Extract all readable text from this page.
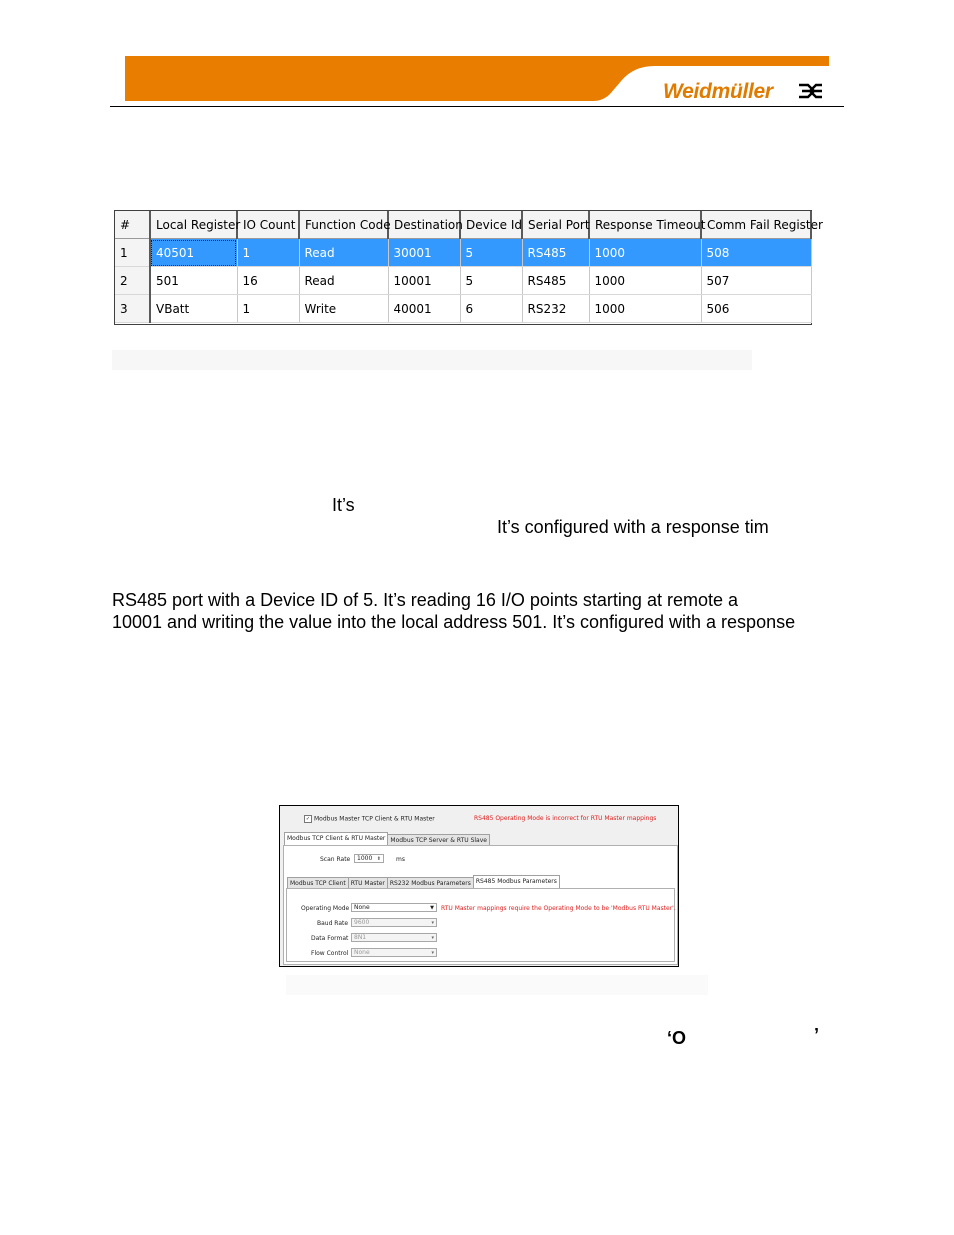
Weidmüller
#	Local Register	IO Count	Function Code	Destination	Device Id	Serial Port	Response Timeout	Comm Fail Register
1	40501	1	Read	30001	5	RS485	1000	508
2	501	16	Read	10001	5	RS485	1000	507
3	VBatt	1	Write	40001	6	RS232	1000	506
It’s
It’s configured with a response tim
RS485 port with a Device ID of 5. It’s reading 16 I/O points starting at remote a
10001 and writing the value into the local address 501. It’s configured with a response
✓ Modbus Master TCP Client & RTU Master	RS485 Operating Mode is incorrect for RTU Master mappings
Modbus TCP Client & RTU Master Modbus TCP Server & RTU Slave
Scan Rate	1000 ⬍	ms
Modbus TCP Client RTU Master RS232 Modbus Parameters RS485 Modbus Parameters
Operating Mode None	▼ RTU Master mappings require the Operating Mode to be 'Modbus RTU Master'.
Baud Rate 9600	▾
Data Format 8N1	▾
Flow Control None	▾
‘O	’
